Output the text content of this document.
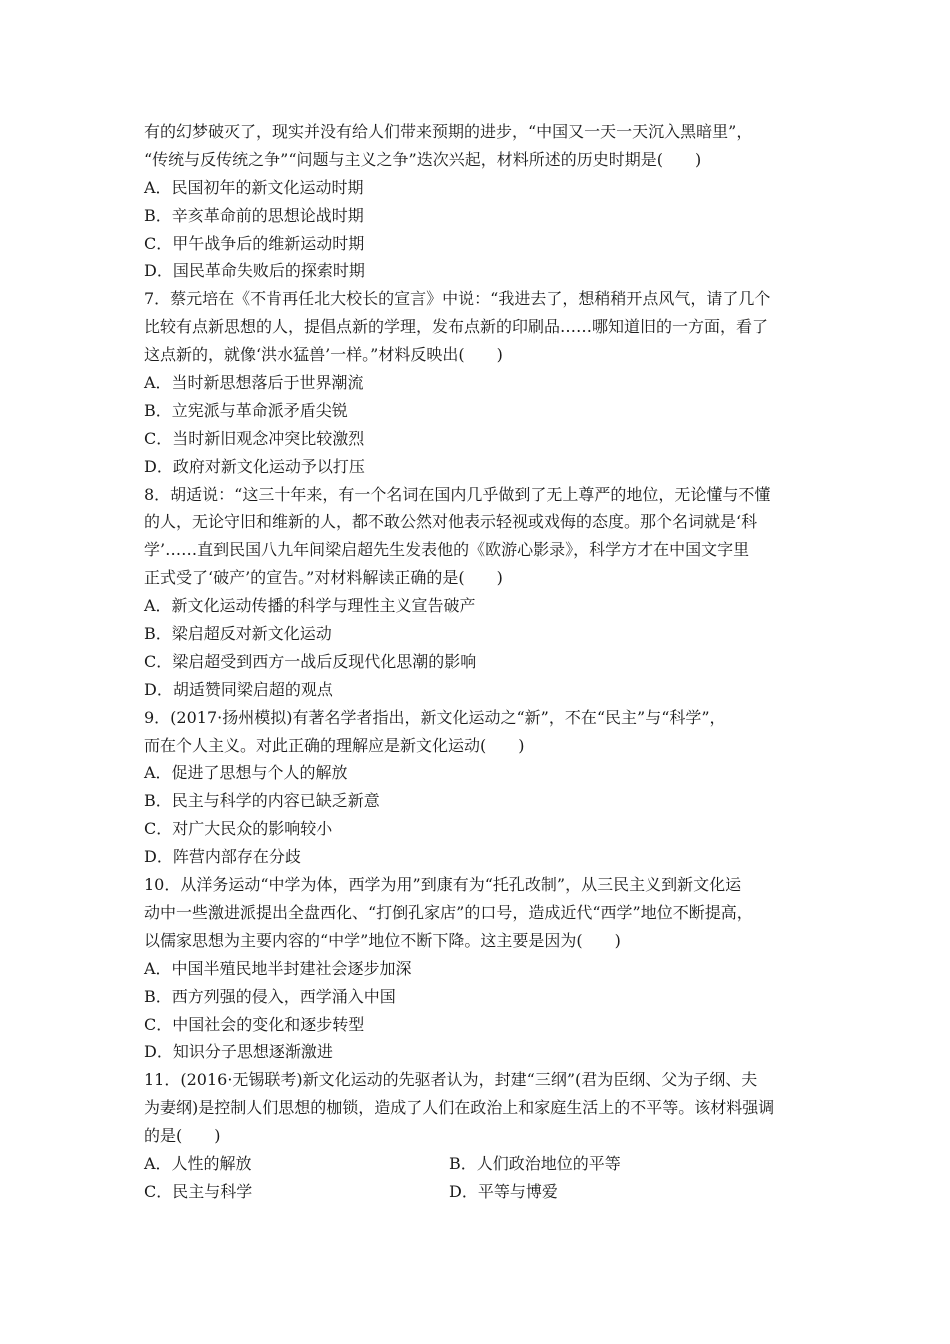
有的幻梦破灭了，现实并没有给人们带来预期的进步，“中国又一天一天沉入黑暗里”，
“传统与反传统之争”“问题与主义之争”迭次兴起，材料所述的历史时期是(　　)
A．民国初年的新文化运动时期
B．辛亥革命前的思想论战时期
C．甲午战争后的维新运动时期
D．国民革命失败后的探索时期
7．蔡元培在《不肯再任北大校长的宣言》中说：“我进去了，想稍稍开点风气，请了几个
比较有点新思想的人，提倡点新的学理，发布点新的印刷品……哪知道旧的一方面，看了
这点新的，就像‘洪水猛兽’一样。”材料反映出(　　)
A．当时新思想落后于世界潮流
B．立宪派与革命派矛盾尖锐
C．当时新旧观念冲突比较激烈
D．政府对新文化运动予以打压
8．胡适说：“这三十年来，有一个名词在国内几乎做到了无上尊严的地位，无论懂与不懂
的人，无论守旧和维新的人，都不敢公然对他表示轻视或戏侮的态度。那个名词就是‘科
学’……直到民国八九年间梁启超先生发表他的《欧游心影录》，科学方才在中国文字里
正式受了‘破产’的宣告。”对材料解读正确的是(　　)
A．新文化运动传播的科学与理性主义宣告破产
B．梁启超反对新文化运动
C．梁启超受到西方一战后反现代化思潮的影响
D．胡适赞同梁启超的观点
9．(2017·扬州模拟)有著名学者指出，新文化运动之“新”，不在“民主”与“科学”，
而在个人主义。对此正确的理解应是新文化运动(　　)
A．促进了思想与个人的解放
B．民主与科学的内容已缺乏新意
C．对广大民众的影响较小
D．阵营内部存在分歧
10．从洋务运动“中学为体，西学为用”到康有为“托孔改制”，从三民主义到新文化运
动中一些激进派提出全盘西化、“打倒孔家店”的口号，造成近代“西学”地位不断提高，
以儒家思想为主要内容的“中学”地位不断下降。这主要是因为(　　)
A．中国半殖民地半封建社会逐步加深
B．西方列强的侵入，西学涌入中国
C．中国社会的变化和逐步转型
D．知识分子思想逐渐激进
11．(2016·无锡联考)新文化运动的先驱者认为，封建“三纲”(君为臣纲、父为子纲、夫
为妻纲)是控制人们思想的枷锁，造成了人们在政治上和家庭生活上的不平等。该材料强调
的是(　　)
A．人性的解放	B．人们政治地位的平等
C．民主与科学	D．平等与博爱
